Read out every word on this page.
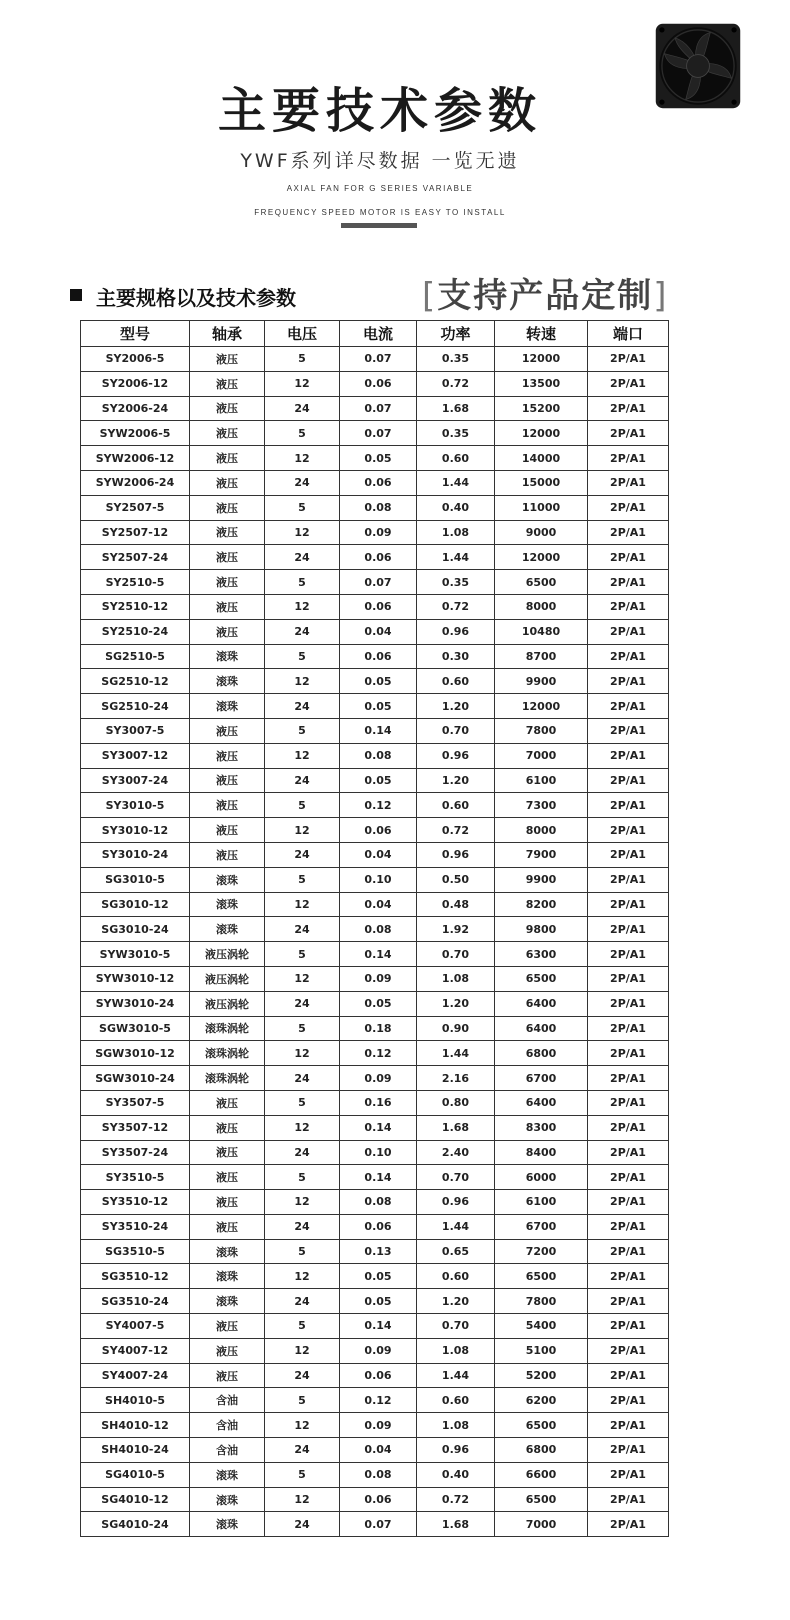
主要技术参数
YWF系列详尽数据 一览无遗
AXIAL FAN FOR G SERIES VARIABLE
FREQUENCY SPEED MOTOR IS EASY TO INSTALL
主要规格以及技术参数	[支持产品定制]
型号	轴承	电压	电流	功率	转速	端口
SY2006-5	液压	5	0.07	0.35	12000	2P/A1
SY2006-12	液压	12	0.06	0.72	13500	2P/A1
SY2006-24	液压	24	0.07	1.68	15200	2P/A1
SYW2006-5	液压	5	0.07	0.35	12000	2P/A1
SYW2006-12	液压	12	0.05	0.60	14000	2P/A1
SYW2006-24	液压	24	0.06	1.44	15000	2P/A1
SY2507-5	液压	5	0.08	0.40	11000	2P/A1
SY2507-12	液压	12	0.09	1.08	9000	2P/A1
SY2507-24	液压	24	0.06	1.44	12000	2P/A1
SY2510-5	液压	5	0.07	0.35	6500	2P/A1
SY2510-12	液压	12	0.06	0.72	8000	2P/A1
SY2510-24	液压	24	0.04	0.96	10480	2P/A1
SG2510-5	滚珠	5	0.06	0.30	8700	2P/A1
SG2510-12	滚珠	12	0.05	0.60	9900	2P/A1
SG2510-24	滚珠	24	0.05	1.20	12000	2P/A1
SY3007-5	液压	5	0.14	0.70	7800	2P/A1
SY3007-12	液压	12	0.08	0.96	7000	2P/A1
SY3007-24	液压	24	0.05	1.20	6100	2P/A1
SY3010-5	液压	5	0.12	0.60	7300	2P/A1
SY3010-12	液压	12	0.06	0.72	8000	2P/A1
SY3010-24	液压	24	0.04	0.96	7900	2P/A1
SG3010-5	滚珠	5	0.10	0.50	9900	2P/A1
SG3010-12	滚珠	12	0.04	0.48	8200	2P/A1
SG3010-24	滚珠	24	0.08	1.92	9800	2P/A1
SYW3010-5	液压涡轮	5	0.14	0.70	6300	2P/A1
SYW3010-12	液压涡轮	12	0.09	1.08	6500	2P/A1
SYW3010-24	液压涡轮	24	0.05	1.20	6400	2P/A1
SGW3010-5	滚珠涡轮	5	0.18	0.90	6400	2P/A1
SGW3010-12	滚珠涡轮	12	0.12	1.44	6800	2P/A1
SGW3010-24	滚珠涡轮	24	0.09	2.16	6700	2P/A1
SY3507-5	液压	5	0.16	0.80	6400	2P/A1
SY3507-12	液压	12	0.14	1.68	8300	2P/A1
SY3507-24	液压	24	0.10	2.40	8400	2P/A1
SY3510-5	液压	5	0.14	0.70	6000	2P/A1
SY3510-12	液压	12	0.08	0.96	6100	2P/A1
SY3510-24	液压	24	0.06	1.44	6700	2P/A1
SG3510-5	滚珠	5	0.13	0.65	7200	2P/A1
SG3510-12	滚珠	12	0.05	0.60	6500	2P/A1
SG3510-24	滚珠	24	0.05	1.20	7800	2P/A1
SY4007-5	液压	5	0.14	0.70	5400	2P/A1
SY4007-12	液压	12	0.09	1.08	5100	2P/A1
SY4007-24	液压	24	0.06	1.44	5200	2P/A1
SH4010-5	含油	5	0.12	0.60	6200	2P/A1
SH4010-12	含油	12	0.09	1.08	6500	2P/A1
SH4010-24	含油	24	0.04	0.96	6800	2P/A1
SG4010-5	滚珠	5	0.08	0.40	6600	2P/A1
SG4010-12	滚珠	12	0.06	0.72	6500	2P/A1
SG4010-24	滚珠	24	0.07	1.68	7000	2P/A1
